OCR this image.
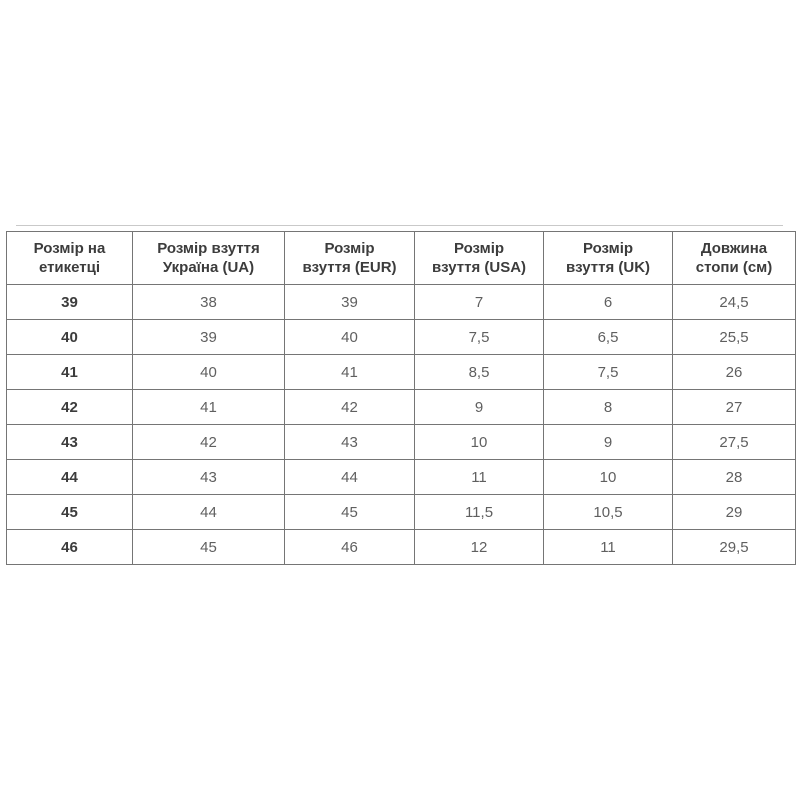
Розмір на
етикетці	Розмір взуття
Україна (UA)	Розмір
взуття (EUR)	Розмір
взуття (USA)	Розмір
взуття (UK)	Довжина
стопи (см)
39	38	39	7	6	24,5
40	39	40	7,5	6,5	25,5
41	40	41	8,5	7,5	26
42	41	42	9	8	27
43	42	43	10	9	27,5
44	43	44	11	10	28
45	44	45	11,5	10,5	29
46	45	46	12	11	29,5
